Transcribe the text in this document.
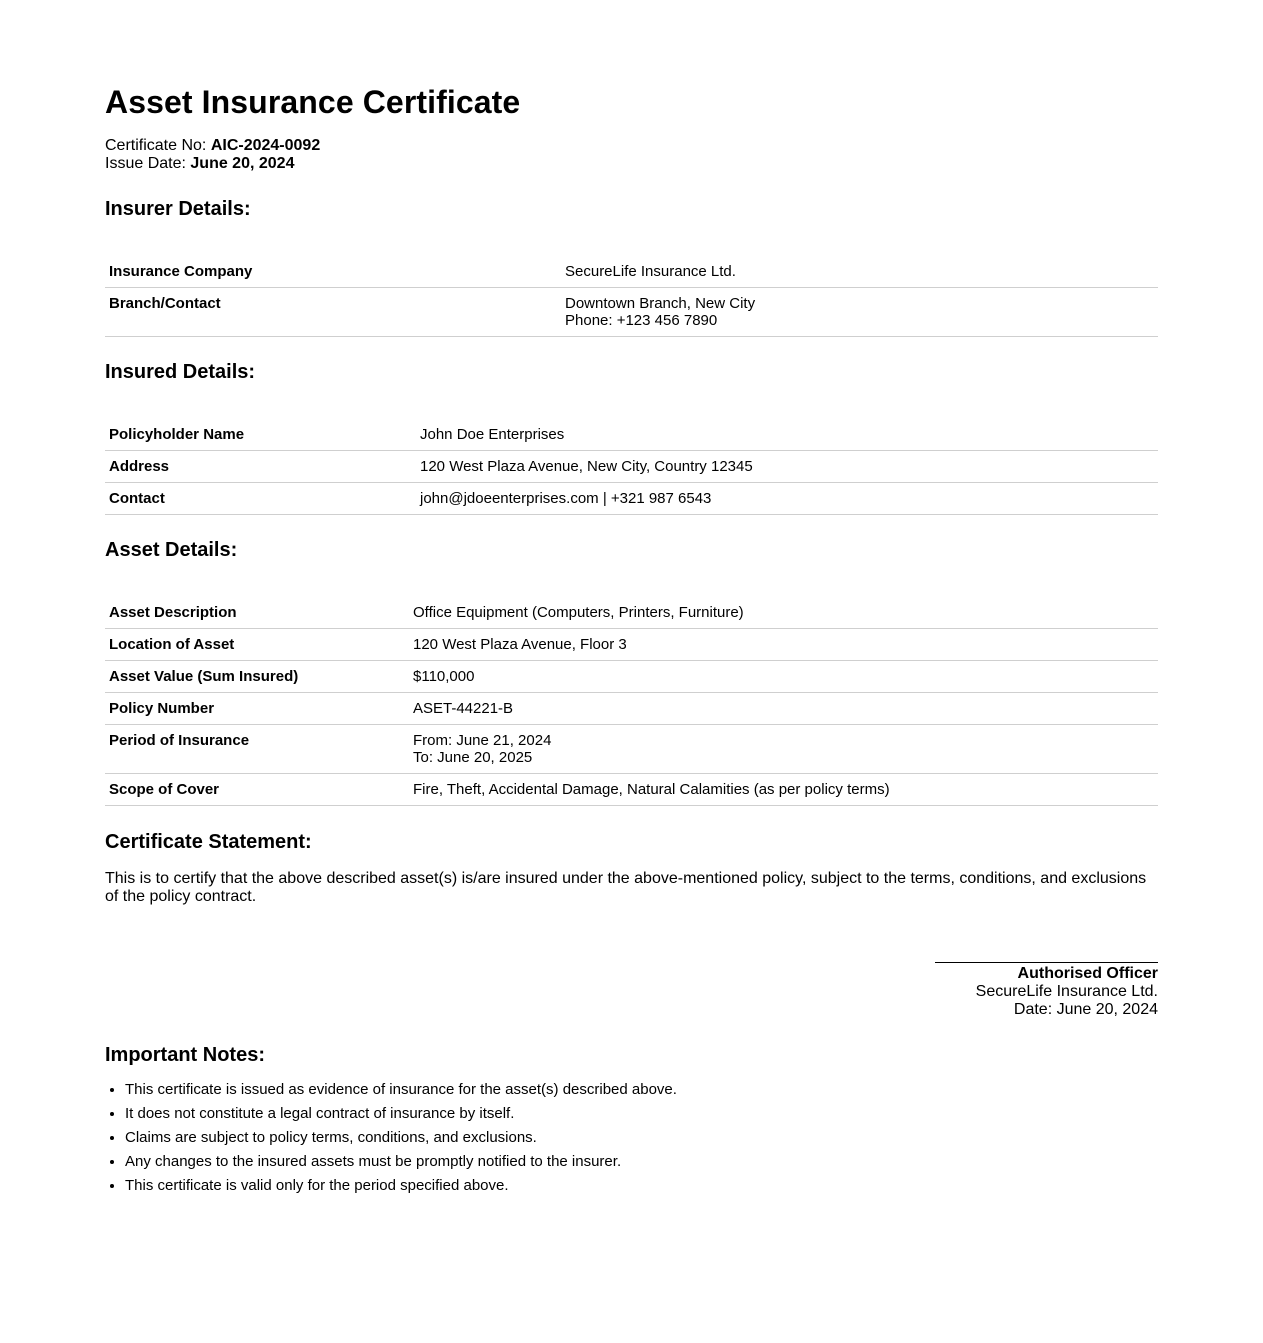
Asset Insurance Certificate
Certificate No: AIC-2024-0092
Issue Date: June 20, 2024
Insurer Details:
Insurance Company	SecureLife Insurance Ltd.

Branch/Contact	Downtown Branch, New City
Phone: +123 456 7890
Insured Details:
Policyholder Name	John Doe Enterprises

Address	120 West Plaza Avenue, New City, Country 12345

Contact	john@jdoeenterprises.com | +321 987 6543
Asset Details:
Asset Description	Office Equipment (Computers, Printers, Furniture)

Location of Asset	120 West Plaza Avenue, Floor 3

Asset Value (Sum Insured)	$110,000

Policy Number	ASET-44221-B

Period of Insurance	From: June 21, 2024
To: June 20, 2025

Scope of Cover	Fire, Theft, Accidental Damage, Natural Calamities (as per policy terms)
Certificate Statement:
This is to certify that the above described asset(s) is/are insured under the above-mentioned policy, subject to the terms, conditions, and exclusions of the policy contract.
Authorised Officer
SecureLife Insurance Ltd.
Date: June 20, 2024
Important Notes:
• This certificate is issued as evidence of insurance for the asset(s) described above.
• It does not constitute a legal contract of insurance by itself.
• Claims are subject to policy terms, conditions, and exclusions.
• Any changes to the insured assets must be promptly notified to the insurer.
• This certificate is valid only for the period specified above.
